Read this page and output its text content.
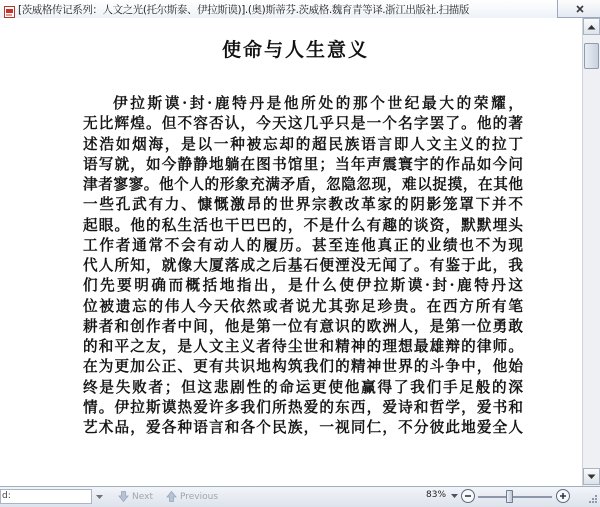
[茨威格传记系列：人文之光(托尔斯泰、伊拉斯谟)].(奥)斯蒂芬.茨威格.魏育青等译.浙江出版社.扫描版
使命与人生意义
伊拉斯谟·封·鹿特丹是他所处的那个世纪最大的荣耀，
无比辉煌。但不容否认，今天这几乎只是一个名字罢了。他的著
述浩如烟海，是以一种被忘却的超民族语言即人文主义的拉丁
语写就，如今静静地躺在图书馆里；当年声震寰宇的作品如今问
津者寥寥。他个人的形象充满矛盾，忽隐忽现，难以捉摸，在其他
一些孔武有力、慷慨激昂的世界宗教改革家的阴影笼罩下并不
起眼。他的私生活也干巴巴的，不是什么有趣的谈资，默默埋头
工作者通常不会有动人的履历。甚至连他真正的业绩也不为现
代人所知，就像大厦落成之后基石便湮没无闻了。有鉴于此，我
们先要明确而概括地指出，是什么使伊拉斯谟·封·鹿特丹这
位被遗忘的伟人今天依然或者说尤其弥足珍贵。在西方所有笔
耕者和创作者中间，他是第一位有意识的欧洲人，是第一位勇敢
的和平之友，是人文主义者待尘世和精神的理想最雄辩的律师。
在为更加公正、更有共识地构筑我们的精神世界的斗争中，他始
终是失败者；但这悲剧性的命运更使他赢得了我们手足般的深
情。伊拉斯谟热爱许多我们所热爱的东西，爱诗和哲学，爱书和
艺术品，爱各种语言和各个民族，一视同仁，不分彼此地爱全人
d:	Next	Previous	83%
